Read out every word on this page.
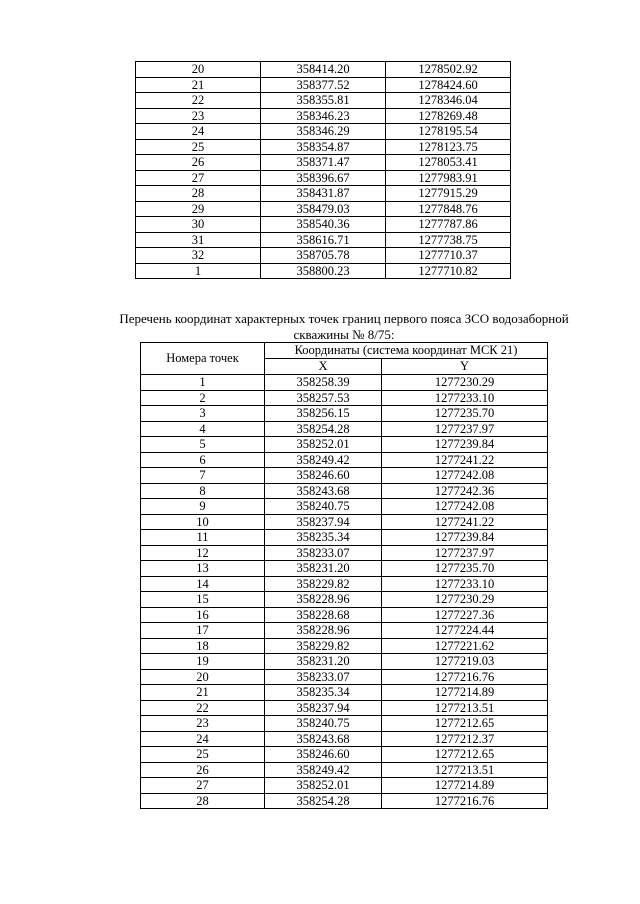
20	358414.20	1278502.92
21	358377.52	1278424.60
22	358355.81	1278346.04
23	358346.23	1278269.48
24	358346.29	1278195.54
25	358354.87	1278123.75
26	358371.47	1278053.41
27	358396.67	1277983.91
28	358431.87	1277915.29
29	358479.03	1277848.76
30	358540.36	1277787.86
31	358616.71	1277738.75
32	358705.78	1277710.37
1	358800.23	1277710.82
Перечень координат характерных точек границ первого пояса ЗСО водозаборной
скважины № 8/75:
Номера точек	Координаты (система координат МСК 21)	
	X	Y
1	358258.39	1277230.29
2	358257.53	1277233.10
3	358256.15	1277235.70
4	358254.28	1277237.97
5	358252.01	1277239.84
6	358249.42	1277241.22
7	358246.60	1277242.08
8	358243.68	1277242.36
9	358240.75	1277242.08
10	358237.94	1277241.22
11	358235.34	1277239.84
12	358233.07	1277237.97
13	358231.20	1277235.70
14	358229.82	1277233.10
15	358228.96	1277230.29
16	358228.68	1277227.36
17	358228.96	1277224.44
18	358229.82	1277221.62
19	358231.20	1277219.03
20	358233.07	1277216.76
21	358235.34	1277214.89
22	358237.94	1277213.51
23	358240.75	1277212.65
24	358243.68	1277212.37
25	358246.60	1277212.65
26	358249.42	1277213.51
27	358252.01	1277214.89
28	358254.28	1277216.76
